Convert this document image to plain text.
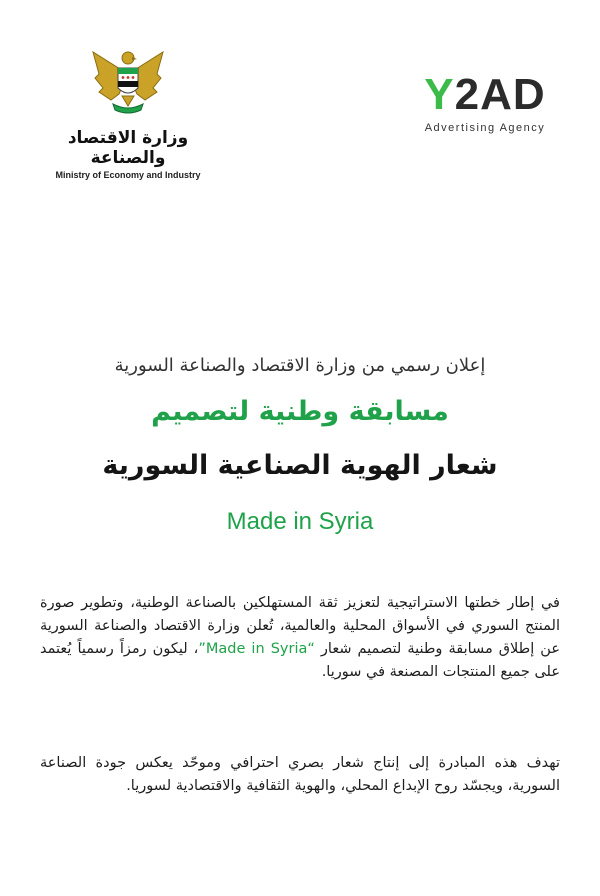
وزارة الاقتصاد والصناعة
Ministry of Economy and Industry
Y2AD
Advertising Agency
إعلان رسمي من وزارة الاقتصاد والصناعة السورية
مسابقة وطنية لتصميم
شعار الهوية الصناعية السورية
Made in Syria
في إطار خطتها الاستراتيجية لتعزيز ثقة المستهلكين بالصناعة الوطنية، وتطوير صورة المنتج السوري في الأسواق المحلية والعالمية، تُعلن وزارة الاقتصاد والصناعة السورية عن إطلاق مسابقة وطنية لتصميم شعار “Made in Syria”، ليكون رمزاً رسمياً يُعتمد على جميع المنتجات المصنعة في سوريا.
تهدف هذه المبادرة إلى إنتاج شعار بصري احترافي وموحّد يعكس جودة الصناعة السورية، ويجسّد روح الإبداع المحلي، والهوية الثقافية والاقتصادية لسوريا.
